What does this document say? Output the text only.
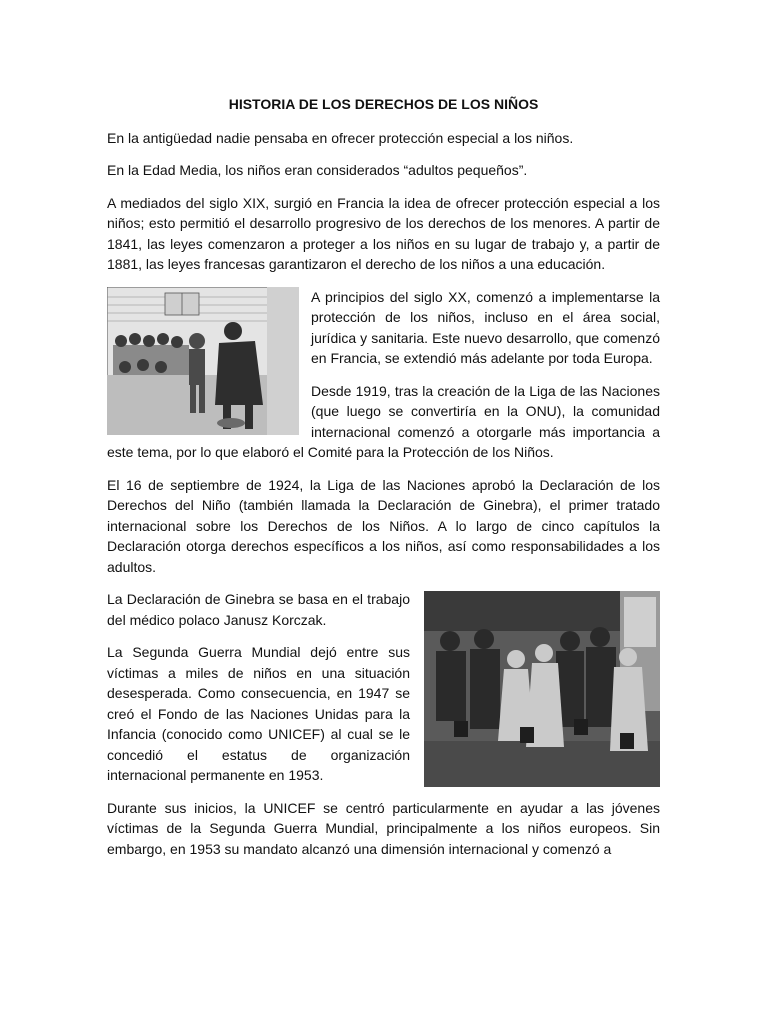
HISTORIA DE LOS DERECHOS DE LOS NIÑOS

En la antigüedad nadie pensaba en ofrecer protección especial a los niños.

En la Edad Media, los niños eran considerados “adultos pequeños”.

A mediados del siglo XIX, surgió en Francia la idea de ofrecer protección especial a los niños; esto permitió el desarrollo progresivo de los derechos de los menores. A partir de 1841, las leyes comenzaron a proteger a los niños en su lugar de trabajo y, a partir de 1881, las leyes francesas garantizaron el derecho de los niños a una educación.

A principios del siglo XX, comenzó a implementarse la protección de los niños, incluso en el área social, jurídica y sanitaria. Este nuevo desarrollo, que comenzó en Francia, se extendió más adelante por toda Europa.

Desde 1919, tras la creación de la Liga de las Naciones (que luego se convertiría en la ONU), la comunidad internacional comenzó a otorgarle más importancia a este tema, por lo que elaboró el Comité para la Protección de los Niños.

El 16 de septiembre de 1924, la Liga de las Naciones aprobó la Declaración de los Derechos del Niño (también llamada la Declaración de Ginebra), el primer tratado internacional sobre los Derechos de los Niños. A lo largo de cinco capítulos la Declaración otorga derechos específicos a los niños, así como responsabilidades a los adultos.

La Declaración de Ginebra se basa en el trabajo del médico polaco Janusz Korczak.

La Segunda Guerra Mundial dejó entre sus víctimas a miles de niños en una situación desesperada. Como consecuencia, en 1947 se creó el Fondo de las Naciones Unidas para la Infancia (conocido como UNICEF) al cual se le concedió el estatus de organización internacional permanente en 1953.

Durante sus inicios, la UNICEF se centró particularmente en ayudar a las jóvenes víctimas de la Segunda Guerra Mundial, principalmente a los niños europeos. Sin embargo, en 1953 su mandato alcanzó una dimensión internacional y comenzó a
